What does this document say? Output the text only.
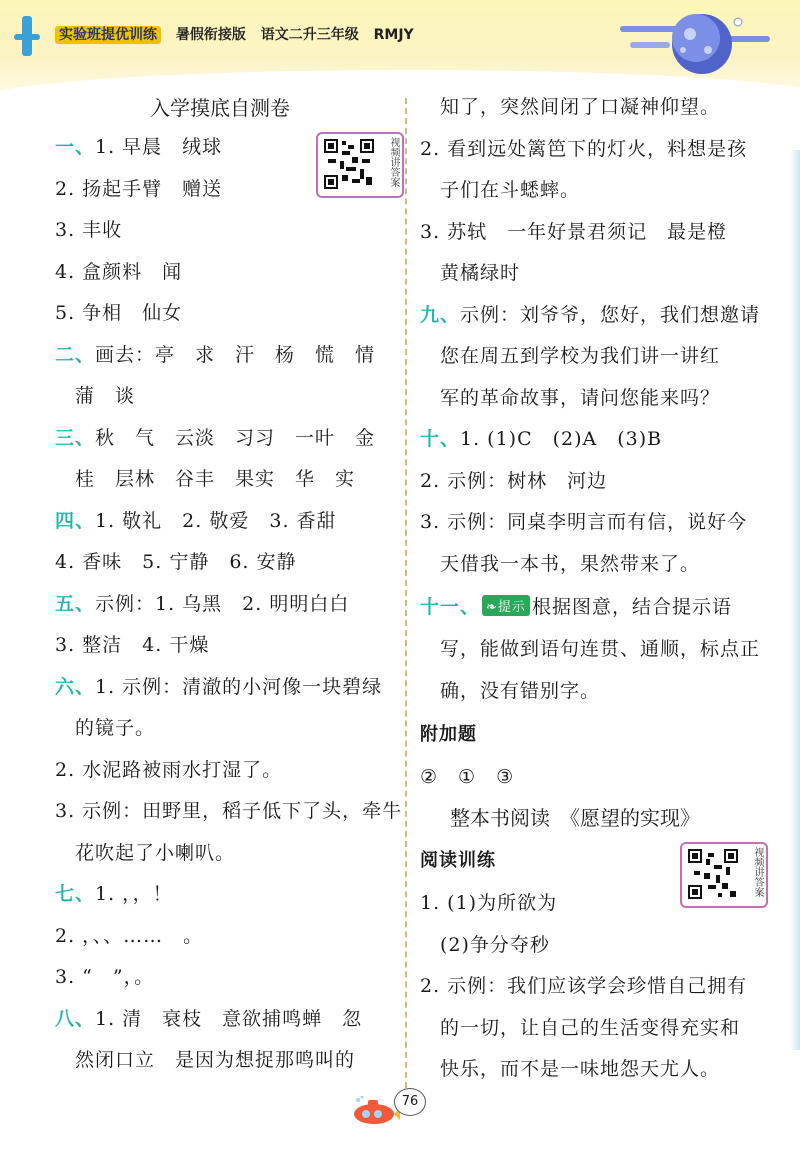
实验班提优训练 暑假衔接版 语文二升三年级 RMJY
入学摸底自测卷
视频讲答案
一、1. 早晨　绒球
2. 扬起手臂　赠送
3. 丰收
4. 盒颜料　闻
5. 争相　仙女
二、画去：亭　求　汗　杨　慌　情
　蒲　谈
三、秋　气　云淡　习习　一叶　金
　桂　层林　谷丰　果实　华　实
四、1. 敬礼　2. 敬爱　3. 香甜
4. 香味　5. 宁静　6. 安静
五、示例：1. 乌黑　2. 明明白白
3. 整洁　4. 干燥
六、1. 示例：清澈的小河像一块碧绿
　的镜子。
2. 水泥路被雨水打湿了。
3. 示例：田野里，稻子低下了头，牵牛
　花吹起了小喇叭。
七、1. ，，！
2. ，、、……　。
3. “　”，。
八、1. 清　衰枝　意欲捕鸣蝉　忽
　然闭口立　是因为想捉那鸣叫的
　知了，突然间闭了口凝神仰望。
2. 看到远处篱笆下的灯火，料想是孩
　子们在斗蟋蟀。
3. 苏轼　一年好景君须记　最是橙
　黄橘绿时
九、示例：刘爷爷，您好，我们想邀请
　您在周五到学校为我们讲一讲红
　军的革命故事，请问您能来吗？
十、1. (1)C　(2)A　(3)B
2. 示例：树林　河边
3. 示例：同桌李明言而有信，说好今
　天借我一本书，果然带来了。
十一、 ❧提示 根据图意，结合提示语
　写，能做到语句连贯、通顺，标点正
　确，没有错别字。
附加题
②　①　③
整本书阅读　《愿望的实现》
阅读训练	视频讲答案
1. (1)为所欲为
　(2)争分夺秒
2. 示例：我们应该学会珍惜自己拥有
　的一切，让自己的生活变得充实和
　快乐，而不是一味地怨天尤人。
76
